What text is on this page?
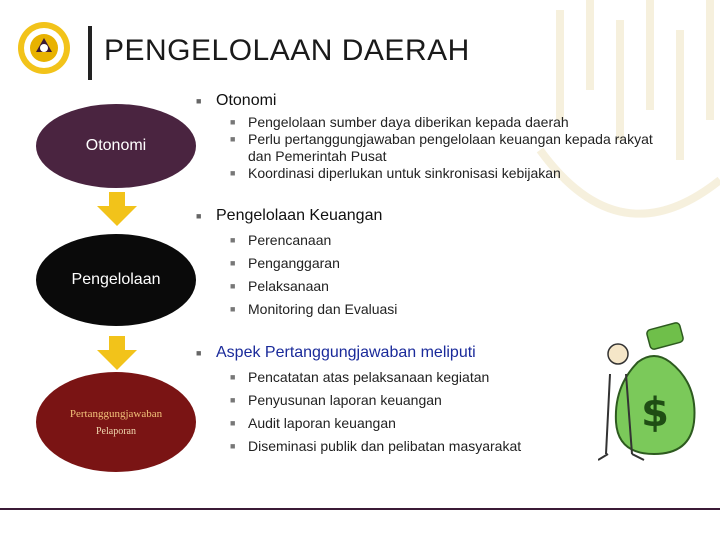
PENGELOLAAN DAERAH
Otonomi
Pengelolaan
Pertanggungjawaban
Pelaporan
■ Otonomi
■ Pengelolaan sumber daya diberikan kepada daerah
■ Perlu pertanggungjawaban pengelolaan keuangan kepada rakyat dan Pemerintah Pusat
■ Koordinasi diperlukan untuk sinkronisasi kebijakan
■ Pengelolaan Keuangan
■ Perencanaan
■ Penganggaran
■ Pelaksanaan
■ Monitoring dan Evaluasi
■ Aspek Pertanggungjawaban meliputi
■ Pencatatan atas pelaksanaan kegiatan
■ Penyusunan laporan keuangan
■ Audit laporan keuangan
■ Diseminasi publik dan pelibatan masyarakat
$
